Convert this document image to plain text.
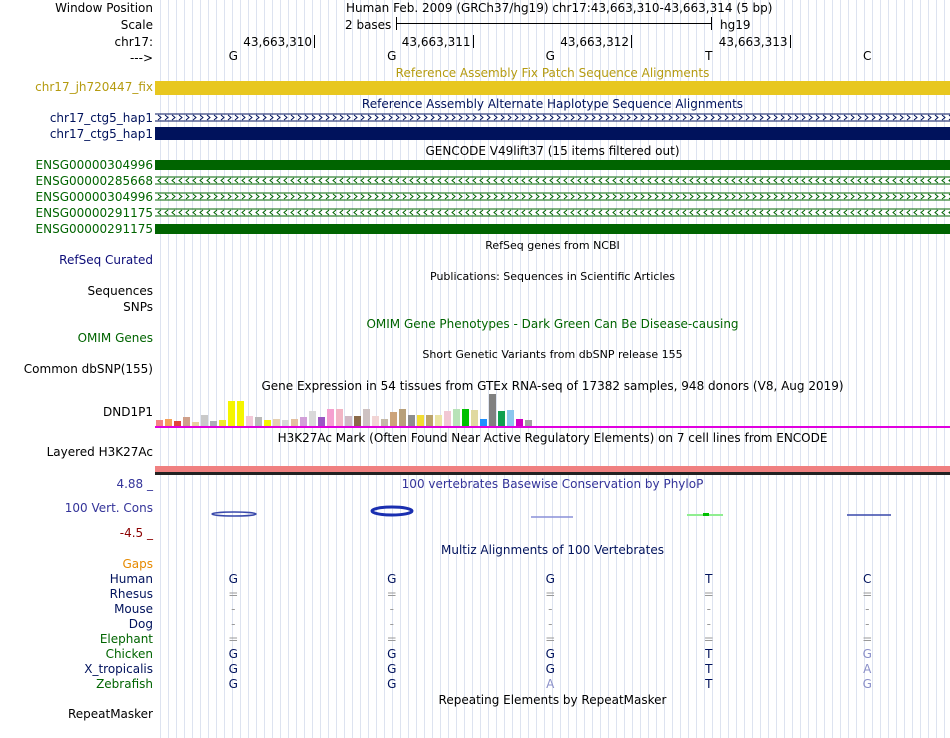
Window Position	Human Feb. 2009 (GRCh37/hg19) chr17:43,663,310-43,663,314 (5 bp)
Scale	2 bases	hg19
chr17:	43,663,310	43,663,311	43,663,312	43,663,313
--->	G	G	G	T	C
Reference Assembly Fix Patch Sequence Alignments
chr17_jh720447_fix
Reference Assembly Alternate Haplotype Sequence Alignments
chr17_ctg5_hap1
chr17_ctg5_hap1
GENCODE V49lift37 (15 items filtered out)
ENSG00000304996
ENSG00000285668
ENSG00000304996
ENSG00000291175
ENSG00000291175
RefSeq genes from NCBI
RefSeq Curated
Publications: Sequences in Scientific Articles
Sequences
SNPs
OMIM Gene Phenotypes - Dark Green Can Be Disease-causing
OMIM Genes
Short Genetic Variants from dbSNP release 155
Common dbSNP(155)
Gene Expression in 54 tissues from GTEx RNA-seq of 17382 samples, 948 donors (V8, Aug 2019)
DND1P1
H3K27Ac Mark (Often Found Near Active Regulatory Elements) on 7 cell lines from ENCODE
Layered H3K27Ac
4.88 _	100 vertebrates Basewise Conservation by PhyloP
100 Vert. Cons
-4.5 _
Multiz Alignments of 100 Vertebrates
Gaps
Human	G	G	G	T	C
Rhesus	=	=	=	=	=
Mouse	-	-	-	-	-
Dog	-	-	-	-	-
Elephant	=	=	=	=	=
Chicken	G	G	G	T	G
X_tropicalis	G	G	G	T	A
Zebrafish	G	G	A	T	G
Repeating Elements by RepeatMasker
RepeatMasker
